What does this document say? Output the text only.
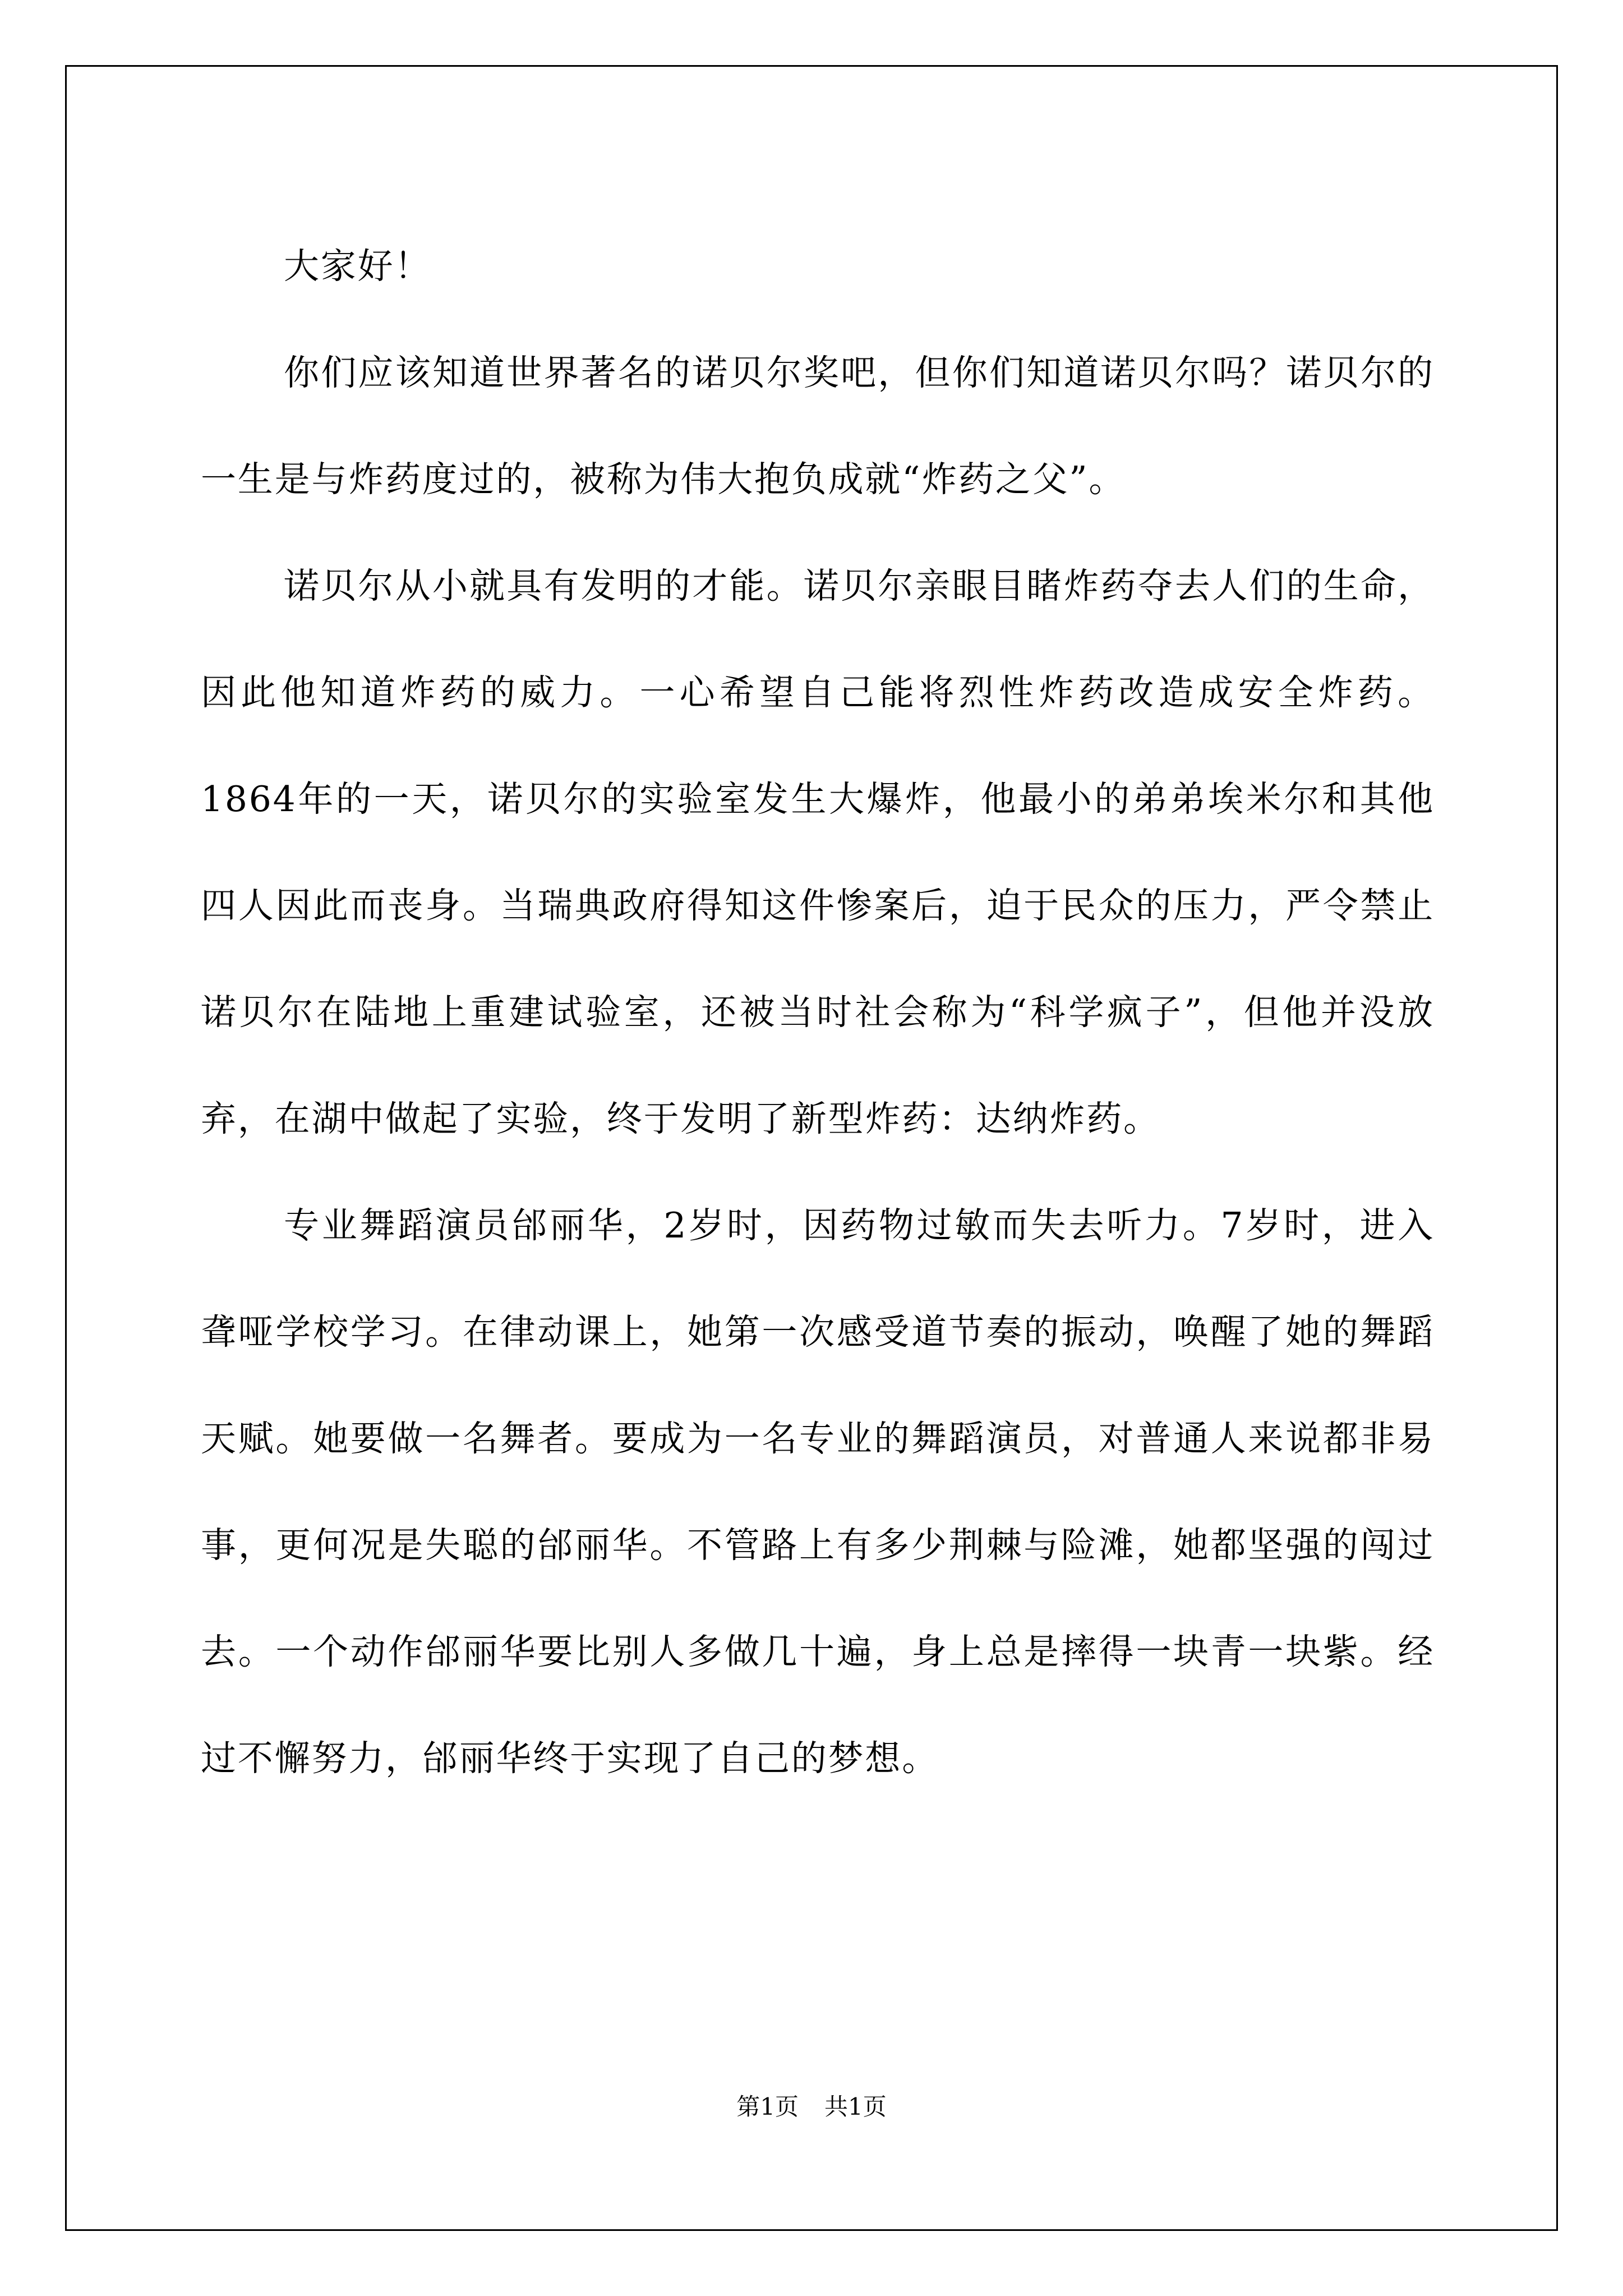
大家好！

你们应该知道世界著名的诺贝尔奖吧，但你们知道诺贝尔吗？诺贝尔的一生是与炸药度过的，被称为伟大抱负成就“炸药之父”。

诺贝尔从小就具有发明的才能。诺贝尔亲眼目睹炸药夺去人们的生命，因此他知道炸药的威力。一心希望自己能将烈性炸药改造成安全炸药。1864年的一天，诺贝尔的实验室发生大爆炸，他最小的弟弟埃米尔和其他四人因此而丧身。当瑞典政府得知这件惨案后，迫于民众的压力，严令禁止诺贝尔在陆地上重建试验室，还被当时社会称为“科学疯子”，但他并没放弃，在湖中做起了实验，终于发明了新型炸药：达纳炸药。

专业舞蹈演员邰丽华，2岁时，因药物过敏而失去听力。7岁时，进入聋哑学校学习。在律动课上，她第一次感受道节奏的振动，唤醒了她的舞蹈天赋。她要做一名舞者。要成为一名专业的舞蹈演员，对普通人来说都非易事，更何况是失聪的邰丽华。不管路上有多少荆棘与险滩，她都坚强的闯过去。一个动作邰丽华要比别人多做几十遍，身上总是摔得一块青一块紫。经过不懈努力，邰丽华终于实现了自己的梦想。

第1页 共1页
